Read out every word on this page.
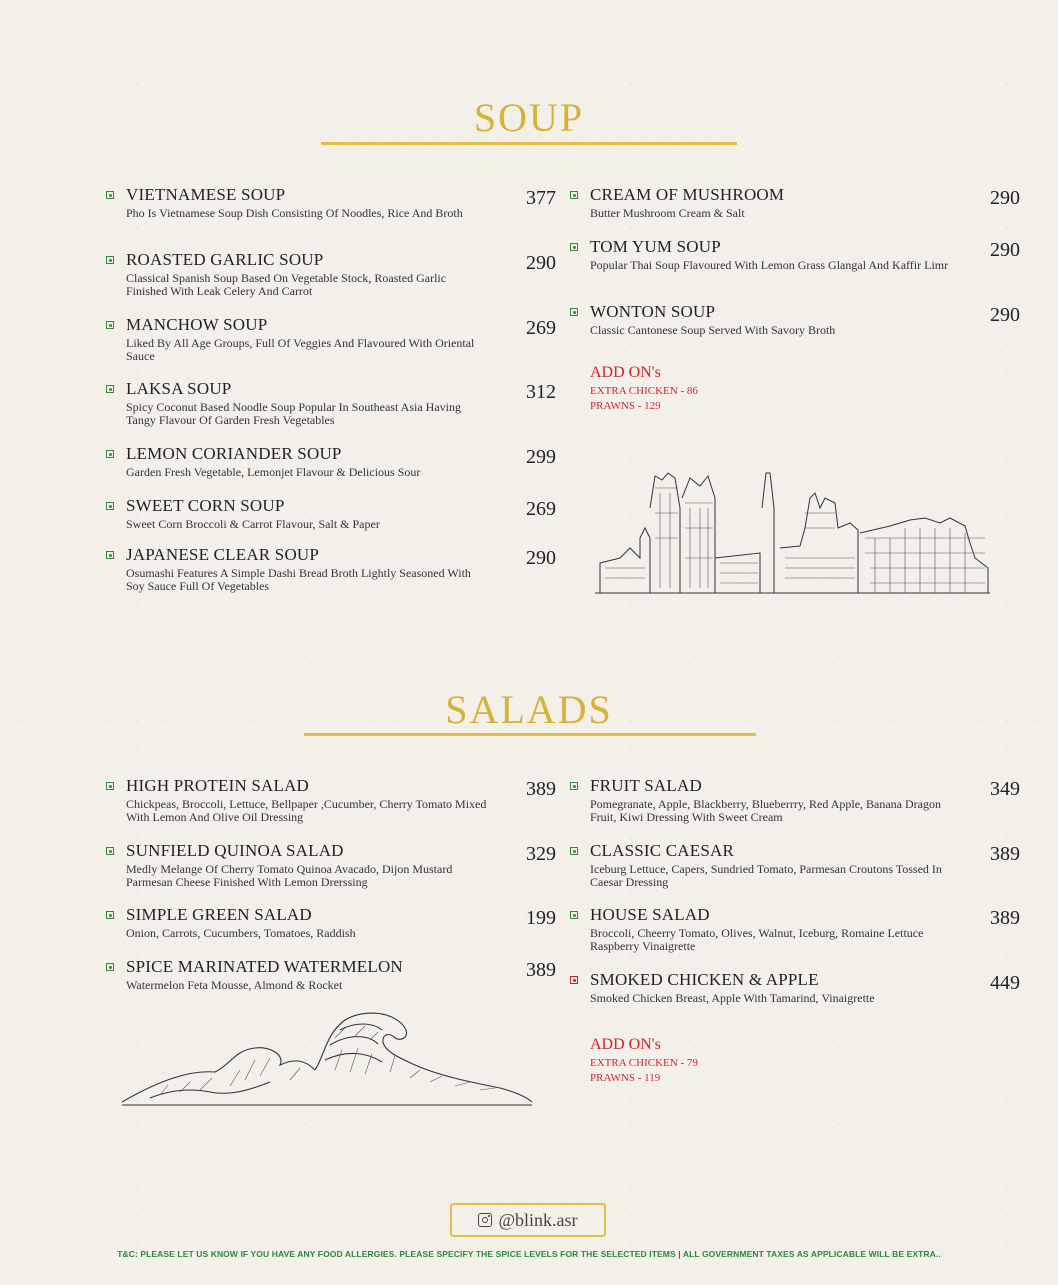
SOUP
VIETNAMESE SOUP	377
Pho Is Vietnamese Soup Dish Consisting Of Noodles, Rice And Broth
ROASTED GARLIC SOUP	290
Classical Spanish Soup Based On Vegetable Stock, Roasted Garlic Finished With Leak Celery And Carrot
MANCHOW SOUP	269
Liked By All Age Groups, Full Of Veggies And Flavoured With Oriental Sauce
LAKSA SOUP	312
Spicy Coconut Based Noodle Soup Popular In Southeast Asia Having Tangy Flavour Of Garden Fresh Vegetables
LEMON CORIANDER SOUP	299
Garden Fresh Vegetable, Lemonjet Flavour & Delicious Sour
SWEET CORN SOUP	269
Sweet Corn Broccoli & Carrot Flavour, Salt & Paper
JAPANESE CLEAR SOUP	290
Osumashi Features A Simple Dashi Bread Broth Lightly Seasoned With Soy Sauce Full Of Vegetables
CREAM OF MUSHROOM	290
Butter Mushroom Cream & Salt
TOM YUM SOUP	290
Popular Thai Soup Flavoured With Lemon Grass Glangal And Kaffir Limr
WONTON SOUP	290
Classic Cantonese Soup Served With Savory Broth
ADD ON's
EXTRA CHICKEN - 86
PRAWNS - 129
SALADS
HIGH PROTEIN SALAD	389
Chickpeas, Broccoli, Lettuce, Bellpaper ,Cucumber, Cherry Tomato Mixed With Lemon And Olive Oil Dressing
SUNFIELD QUINOA SALAD	329
Medly Melange Of Cherry Tomato Quinoa Avacado, Dijon Mustard Parmesan Cheese Finished With Lemon Drerssing
SIMPLE GREEN SALAD	199
Onion, Carrots, Cucumbers, Tomatoes, Raddish
SPICE MARINATED WATERMELON	389
Watermelon Feta Mousse, Almond & Rocket
FRUIT SALAD	349
Pomegranate, Apple, Blackberry, Blueberrry, Red Apple, Banana Dragon Fruit, Kiwi Dressing With Sweet Cream
CLASSIC CAESAR	389
Iceburg Lettuce, Capers, Sundried Tomato, Parmesan Croutons Tossed In Caesar Dressing
HOUSE SALAD	389
Broccoli, Cheerry Tomato, Olives, Walnut, Iceburg, Romaine Lettuce Raspberry Vinaigrette
SMOKED CHICKEN & APPLE	449
Smoked Chicken Breast, Apple With Tamarind, Vinaigrette
ADD ON's
EXTRA CHICKEN - 79
PRAWNS - 119
@blink.asr
T&C: PLEASE LET US KNOW IF YOU HAVE ANY FOOD ALLERGIES. PLEASE SPECIFY THE SPICE LEVELS FOR THE SELECTED ITEMS | ALL GOVERNMENT TAXES AS APPLICABLE WILL BE EXTRA..
